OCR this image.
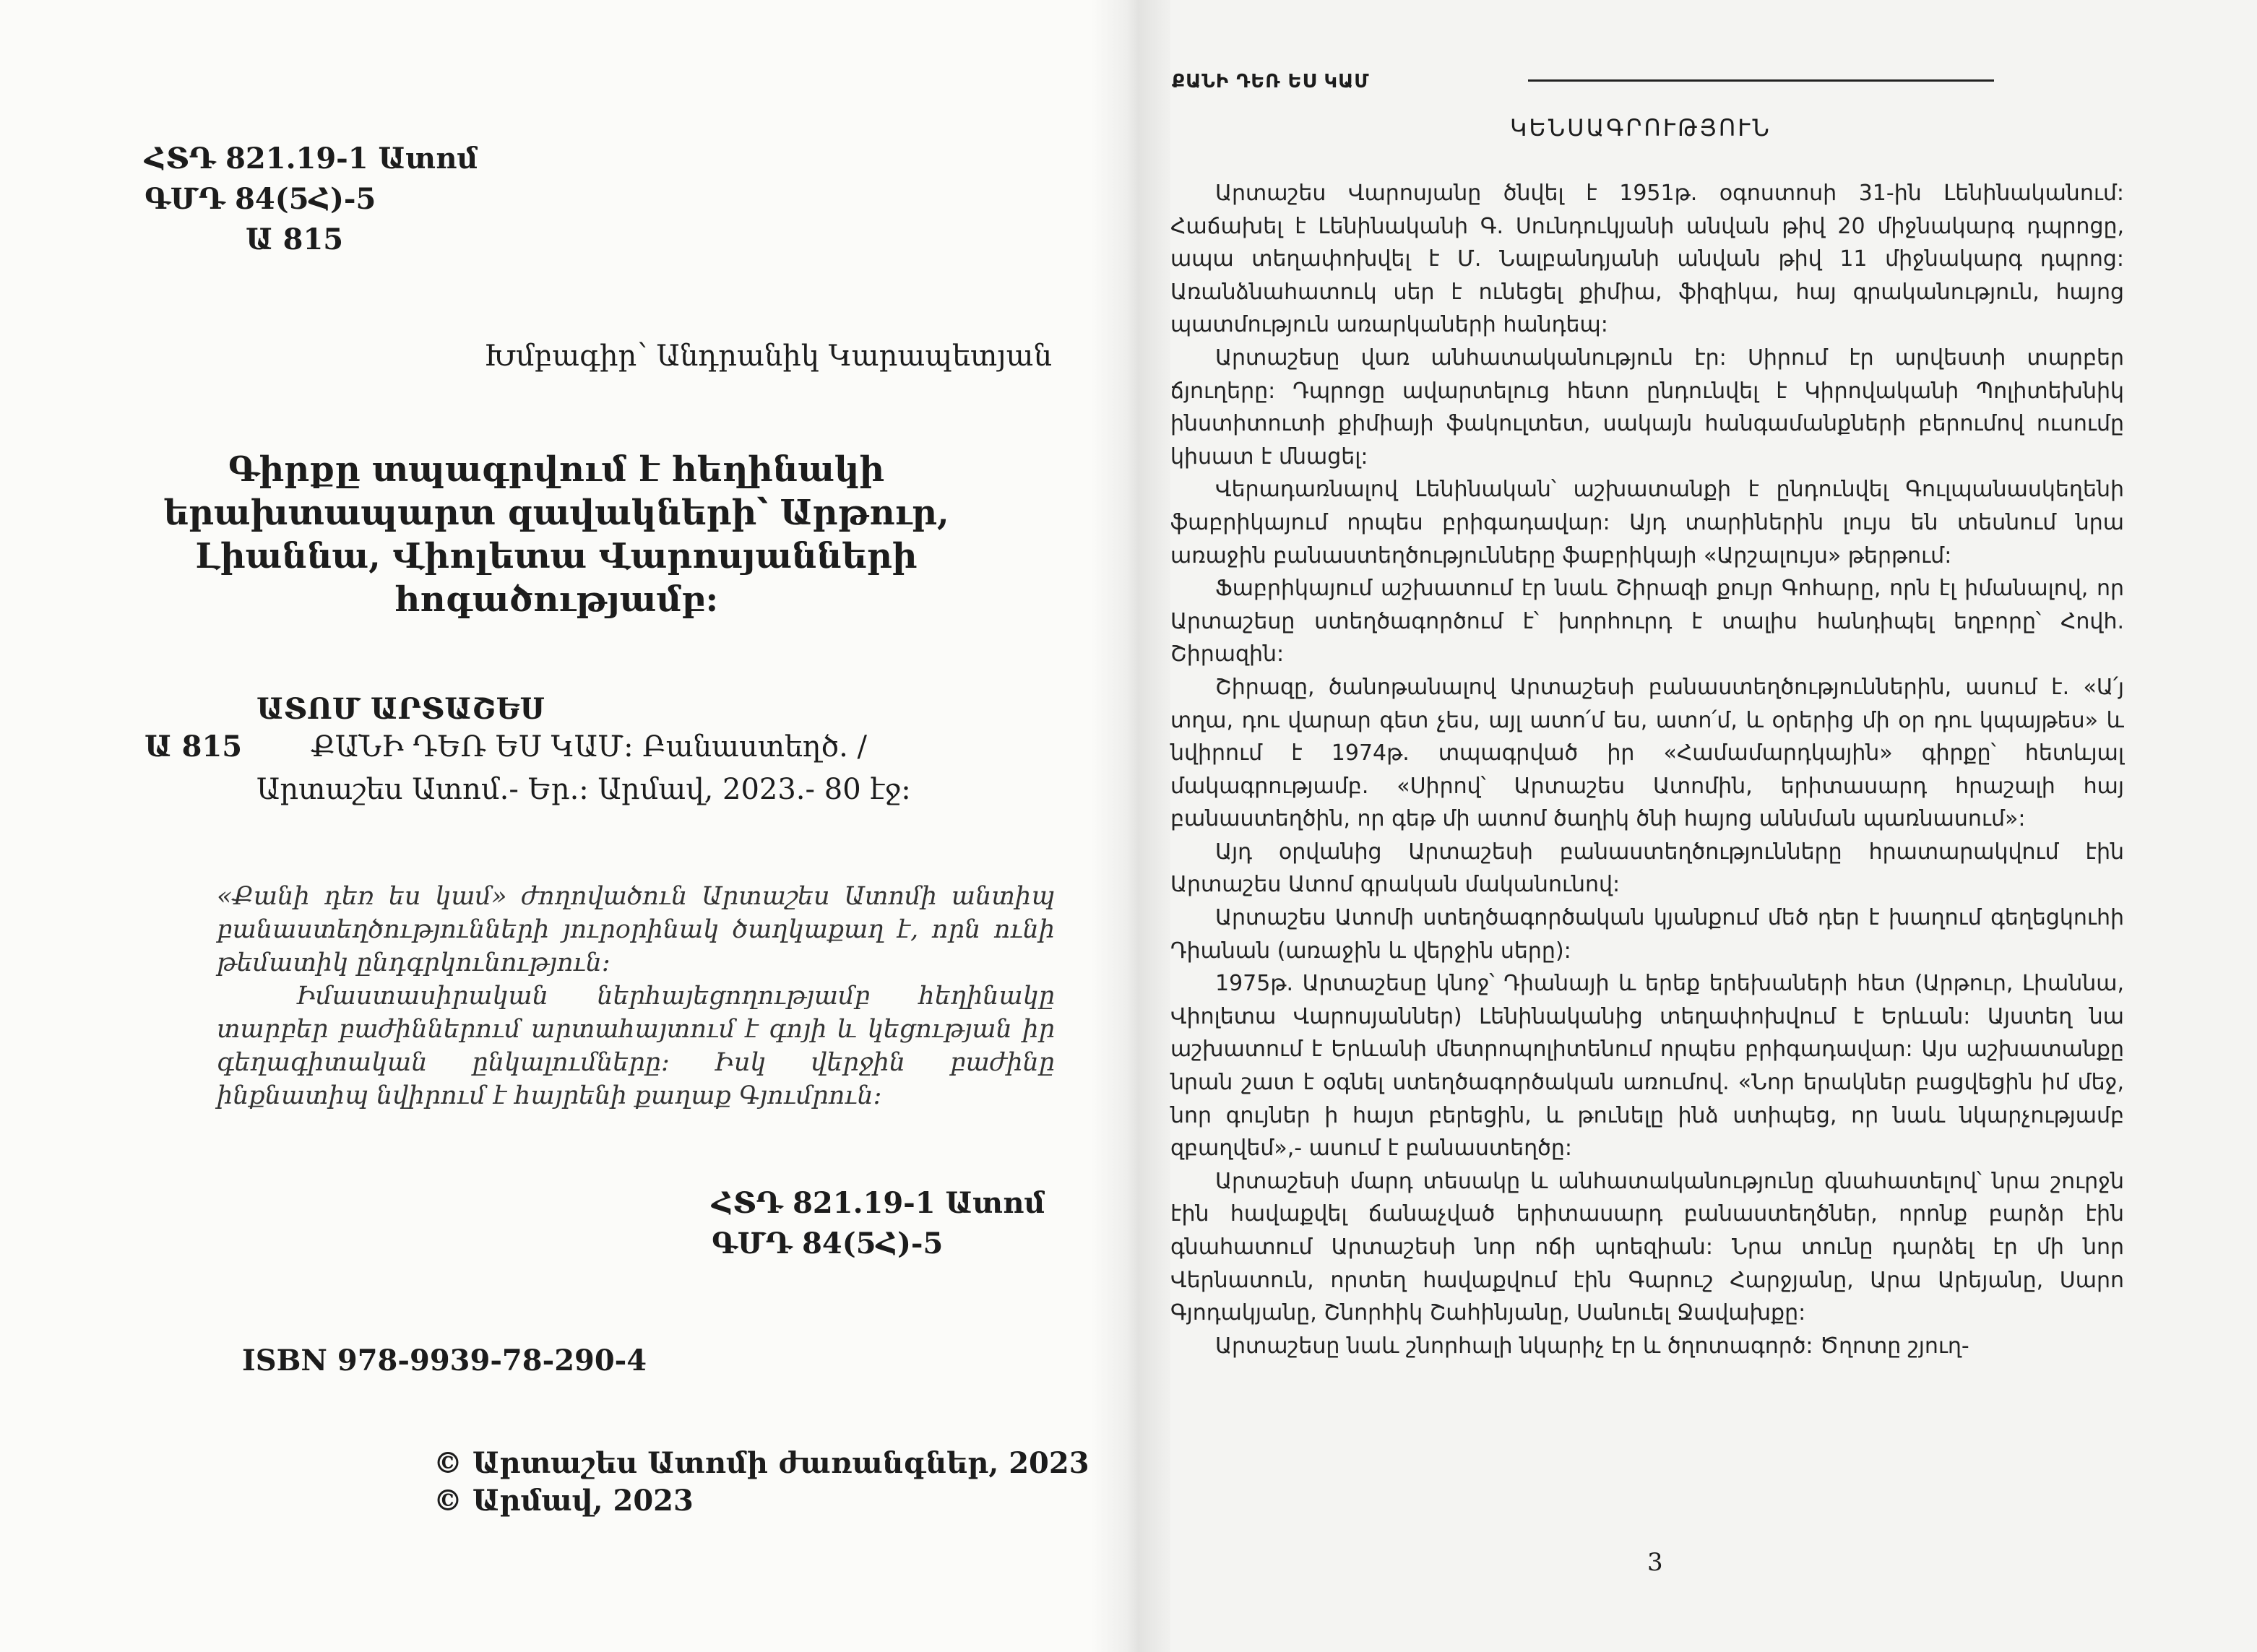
ՀՏԴ 821.19-1 Ատոմ
ԳՄԴ 84(5Հ)-5
Ա 815
Խմբագիր՝ Անդրանիկ Կարապետյան
Գիրքը տպագրվում է հեղինակի երախտապարտ զավակների՝ Արթուր, Լիաննա, Վիոլետա Վարոսյանների հոգածությամբ:
ԱՏՈՄ ԱՐՏԱՇԵՍ
Ա 815 ՔԱՆԻ ԴԵՌ ԵՍ ԿԱՄ: Բանաստեղծ. /
Արտաշես Ատոմ.- Եր.: Արմավ, 2023.- 80 էջ:

«Քանի դեռ ես կամ» ժողովածուն Արտաշես Ատոմի անտիպ բանաստեղծությունների յուրօրինակ ծաղկաքաղ է, որն ունի թեմատիկ ընդգրկունություն:

Իմաստասիրական ներհայեցողությամբ հեղինակը տարբեր բաժիններում արտահայտում է գոյի և կեցության իր գեղագիտական ընկալումները: Իսկ վերջին բաժինը ինքնատիպ նվիրում է հայրենի քաղաք Գյումրուն:

ՀՏԴ 821.19-1 Ատոմ
ԳՄԴ 84(5Հ)-5
ISBN 978-9939-78-290-4
© Արտաշես Ատոմի ժառանգներ, 2023
© Արմավ, 2023
ՔԱՆԻ ԴԵՌ ԵՍ ԿԱՄ
ԿԵՆՍԱԳՐՈՒԹՅՈՒՆ

Արտաշես Վարոսյանը ծնվել է 1951թ. օգոստոսի 31-ին Լենինականում: Հաճախել է Լենինականի Գ. Սունդուկյանի անվան թիվ 20 միջնակարգ դպրոցը, ապա տեղափոխվել է Մ. Նալբանդյանի անվան թիվ 11 միջնակարգ դպրոց: Առանձնահատուկ սեր է ունեցել քիմիա, ֆիզիկա, հայ գրականություն, հայոց պատմություն առարկաների հանդեպ:

Արտաշեսը վառ անհատականություն էր: Սիրում էր արվեստի տարբեր ճյուղերը: Դպրոցը ավարտելուց հետո ընդունվել է Կիրովականի Պոլիտեխնիկ ինստիտուտի քիմիայի ֆակուլտետ, սակայն հանգամանքների բերումով ուսումը կիսատ է մնացել:

Վերադառնալով Լենինական՝ աշխատանքի է ընդունվել Գուլպանասկեղենի ֆաբրիկայում որպես բրիգադավար: Այդ տարիներին լույս են տեսնում նրա առաջին բանաստեղծությունները ֆաբրիկայի «Արշալույս» թերթում:

Ֆաբրիկայում աշխատում էր նաև Շիրազի քույր Գոհարը, որն էլ իմանալով, որ Արտաշեսը ստեղծագործում է՝ խորհուրդ է տալիս հանդիպել եղբորը՝ Հովհ. Շիրազին:

Շիրազը, ծանոթանալով Արտաշեսի բանաստեղծություններին, ասում է. «Ա՛յ տղա, դու վարար գետ չես, այլ ատո՛մ ես, ատո՛մ, և օրերից մի օր դու կպայթես» և նվիրում է 1974թ. տպագրված իր «Համամարդկային» գիրքը՝ հետևյալ մակագրությամբ. «Սիրով՝ Արտաշես Ատոմին, երիտասարդ հրաշալի հայ բանաստեղծին, որ գեթ մի ատոմ ծաղիկ ծնի հայոց աննման պառնասում»:

Այդ օրվանից Արտաշեսի բանաստեղծությունները հրատարակվում էին Արտաշես Ատոմ գրական մականունով:

Արտաշես Ատոմի ստեղծագործական կյանքում մեծ դեր է խաղում գեղեցկուհի Դիանան (առաջին և վերջին սերը):

1975թ. Արտաշեսը կնոջ՝ Դիանայի և երեք երեխաների հետ (Արթուր, Լիաննա, Վիոլետա Վարոսյաններ) Լենինականից տեղափոխվում է Երևան: Այստեղ նա աշխատում է Երևանի մետրոպոլիտենում որպես բրիգադավար: Այս աշխատանքը նրան շատ է օգնել ստեղծագործական առումով. «Նոր երակներ բացվեցին իմ մեջ, նոր գույներ ի հայտ բերեցին, և թունելը ինձ ստիպեց, որ նաև նկարչությամբ զբաղվեմ»,- ասում է բանաստեղծը:

Արտաշեսի մարդ տեսակը և անհատականությունը գնահատելով՝ նրա շուրջն էին հավաքվել ճանաչված երիտասարդ բանաստեղծներ, որոնք բարձր էին գնահատում Արտաշեսի նոր ոճի պոեզիան: Նրա տունը դարձել էր մի նոր Վերնատուն, որտեղ հավաքվում էին Գարուշ Հարջյանը, Արա Արեյանը, Սարո Գյոդակյանը, Շնորհիկ Շահինյանը, Սանուել Ջավախքը:

Արտաշեսը նաև շնորհալի նկարիչ էր և ծղոտագործ: Ծղոտը շյուղ-

3
